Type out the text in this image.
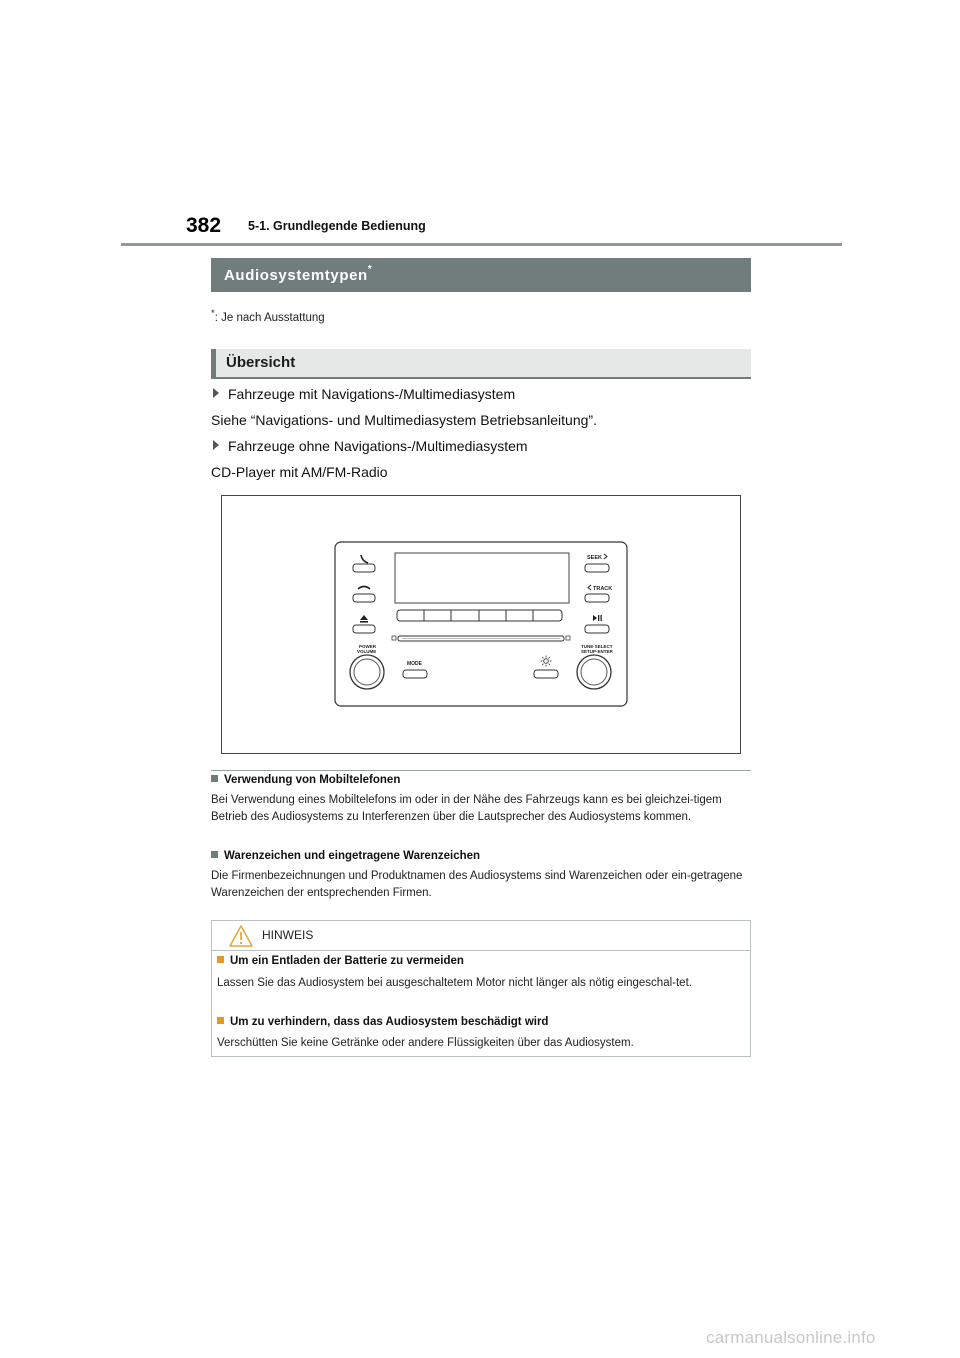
382 5-1. Grundlegende Bedienung
Audiosystemtypen*
*: Je nach Ausstattung
Übersicht
Fahrzeuge mit Navigations-/Multimediasystem
Siehe “Navigations- und Multimediasystem Betriebsanleitung”.
Fahrzeuge ohne Navigations-/Multimediasystem
CD-Player mit AM/FM-Radio
SEEK
TRACK
POWER
VOLUME
TUNE·SELECT
SETUP·ENTER
MODE
Verwendung von Mobiltelefonen
Bei Verwendung eines Mobiltelefons im oder in der Nähe des Fahrzeugs kann es bei gleichzei-tigem Betrieb des Audiosystems zu Interferenzen über die Lautsprecher des Audiosystems kommen.
Warenzeichen und eingetragene Warenzeichen
Die Firmenbezeichnungen und Produktnamen des Audiosystems sind Warenzeichen oder ein-getragene Warenzeichen der entsprechenden Firmen.
HINWEIS
Um ein Entladen der Batterie zu vermeiden
Lassen Sie das Audiosystem bei ausgeschaltetem Motor nicht länger als nötig eingeschal-tet.
Um zu verhindern, dass das Audiosystem beschädigt wird
Verschütten Sie keine Getränke oder andere Flüssigkeiten über das Audiosystem.
carmanualsonline.info
